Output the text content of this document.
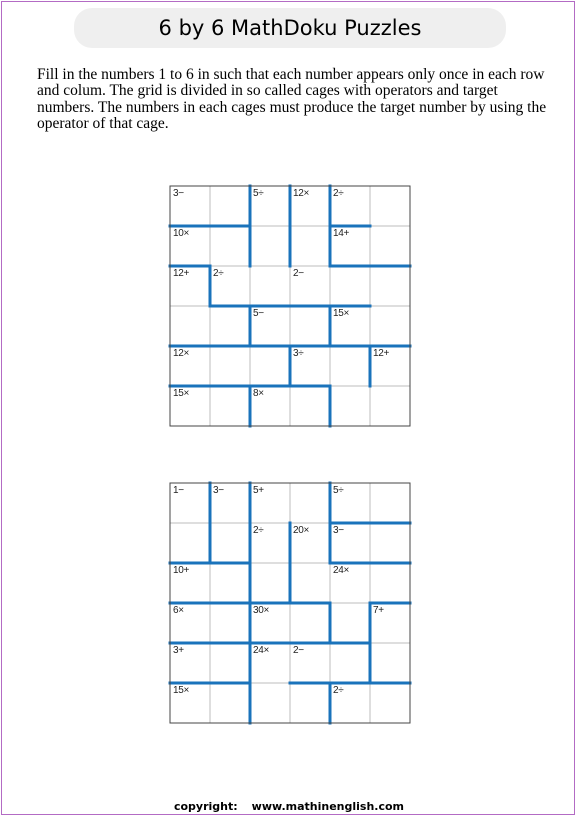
6 by 6 MathDoku Puzzles

Fill in the numbers 1 to 6 in such that each number appears only once in each row and colum. The grid is divided in so called cages with operators and target numbers. The numbers in each cages must produce the target number by using the operator of that cage.

3−	5÷	12× 2÷
10×	14+
12+ 2÷	2−
5−	15×
12×	3÷	12+
15×	8×
1−	3−	5+	5÷
2÷	20× 3−
10+	24×
6×	30×	7+
3+	24× 2−
15×	2÷
copyright: www.mathinenglish.com
